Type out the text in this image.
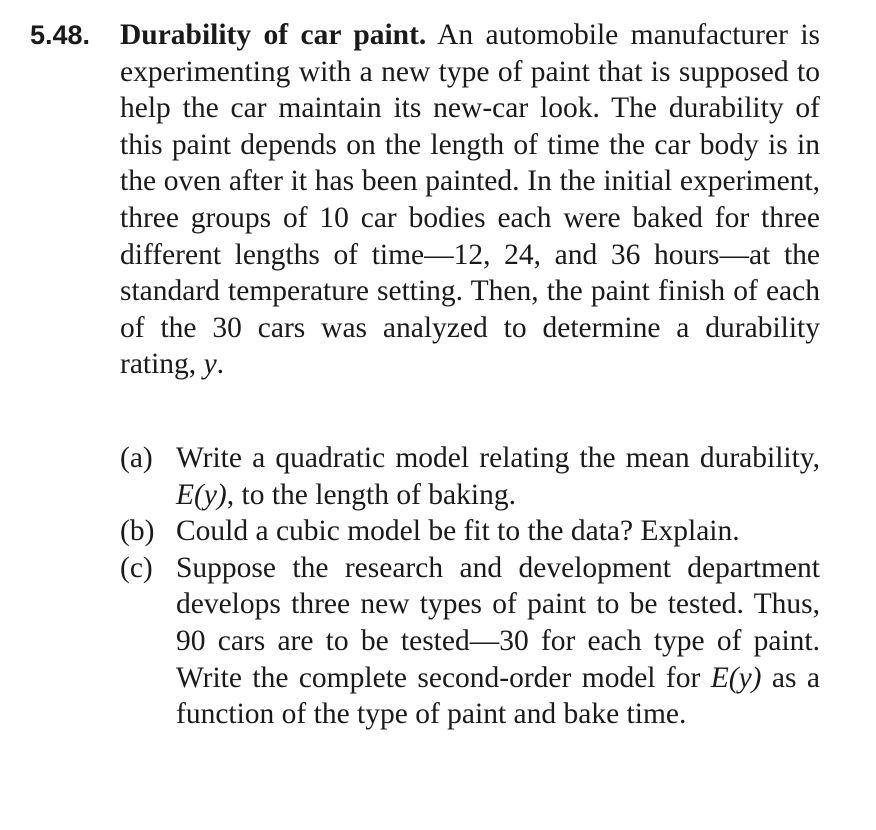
5.48. Durability of car paint. An automobile manufacturer is experimenting with a new type of paint that is supposed to help the car maintain its new-car look. The durability of this paint depends on the length of time the car body is in the oven after it has been painted. In the initial experiment, three groups of 10 car bodies each were baked for three different lengths of time—12, 24, and 36 hours—at the standard temperature setting. Then, the paint finish of each of the 30 cars was analyzed to determine a durability rating, y.
(a) Write a quadratic model relating the mean durability, E(y), to the length of baking.
(b) Could a cubic model be fit to the data? Explain.
(c) Suppose the research and development department develops three new types of paint to be tested. Thus, 90 cars are to be tested—30 for each type of paint. Write the complete second-order model for E(y) as a function of the type of paint and bake time.
